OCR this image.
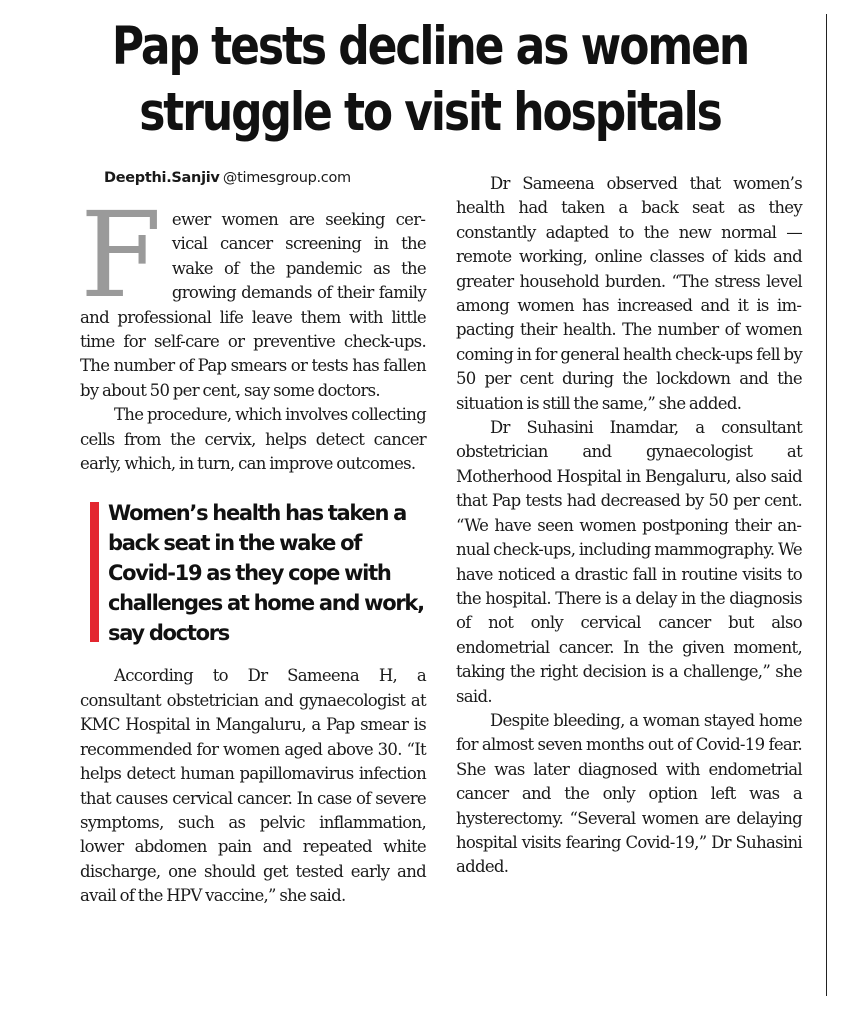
Pap tests decline as women struggle to visit hospitals
Deepthi.Sanjiv @timesgroup.com

Fewer women are seeking cervical cancer screening in the wake of the pandemic as the growing demands of their family and professional life leave them with little time for self-care or preventive check-ups. The number of Pap smears or tests has fallen by about 50 per cent, say some doctors.

The procedure, which involves collecting cells from the cervix, helps detect cancer early, which, in turn, can improve outcomes.

Women’s health has taken a back seat in the wake of Covid-19 as they cope with challenges at home and work, say doctors

According to Dr Sameena H, a consultant obstetrician and gynaecologist at KMC Hospital in Mangaluru, a Pap smear is recommended for women aged above 30. “It helps detect human papillomavirus infection that causes cervical cancer. In case of severe symptoms, such as pelvic inflammation, lower abdomen pain and repeated white discharge, one should get tested early and avail of the HPV vaccine,” she said.

Dr Sameena observed that women’s health had taken a back seat as they constantly adapted to the new normal — remote working, online classes of kids and greater household burden. “The stress level among women has increased and it is impacting their health. The number of women coming in for general health check-ups fell by 50 per cent during the lockdown and the situation is still the same,” she added.

Dr Suhasini Inamdar, a consultant obstetrician and gynaecologist at Motherhood Hospital in Bengaluru, also said that Pap tests had decreased by 50 per cent. “We have seen women postponing their annual check-ups, including mammography. We have noticed a drastic fall in routine visits to the hospital. There is a delay in the diagnosis of not only cervical cancer but also endometrial cancer. In the given moment, taking the right decision is a challenge,” she said.

Despite bleeding, a woman stayed home for almost seven months out of Covid-19 fear. She was later diagnosed with endometrial cancer and the only option left was a hysterectomy. “Several women are delaying hospital visits fearing Covid-19,” Dr Suhasini added.
